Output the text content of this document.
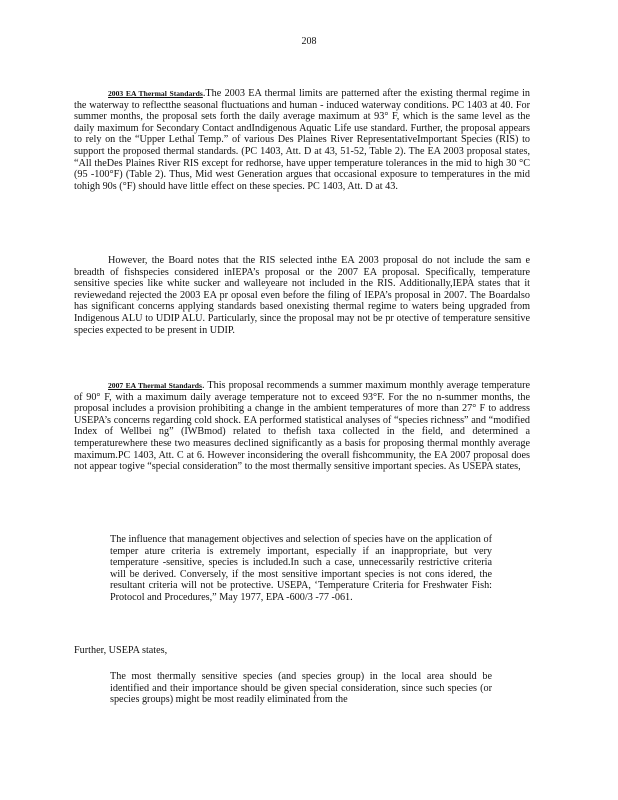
208

2003 EA Thermal Standards.The 2003 EA thermal limits are patterned after the existing thermal regime in the waterway to reflectthe seasonal fluctuations and human - induced waterway conditions. PC 1403 at 40. For summer months, the proposal sets forth the daily average maximum at 93° F, which is the same level as the daily maximum for Secondary Contact andIndigenous Aquatic Life use standard. Further, the proposal appears to rely on the “Upper Lethal Temp.” of various Des Plaines River RepresentativeImportant Species (RIS) to support the proposed thermal standards. (PC 1403, Att. D at 43, 51-52, Table 2). The EA 2003 proposal states, “All theDes Plaines River RIS except for redhorse, have upper temperature tolerances in the mid to high 30 °C (95 -100°F) (Table 2). Thus, Mid west Generation argues that occasional exposure to temperatures in the mid tohigh 90s (°F) should have little effect on these species. PC 1403, Att. D at 43.

However, the Board notes that the RIS selected inthe EA 2003 proposal do not include the sam e breadth of fishspecies considered inIEPA’s proposal or the 2007 EA proposal. Specifically, temperature sensitive species like white sucker and walleyeare not included in the RIS. Additionally,IEPA states that it reviewedand rejected the 2003 EA pr oposal even before the filing of IEPA’s proposal in 2007. The Boardalso has significant concerns applying standards based onexisting thermal regime to waters being upgraded from Indigenous ALU to UDIP ALU. Particularly, since the proposal may not be pr otective of temperature sensitive species expected to be present in UDIP.

2007 EA Thermal Standards. This proposal recommends a summer maximum monthly average temperature of 90° F, with a maximum daily average temperature not to exceed 93°F. For the no n-summer months, the proposal includes a provision prohibiting a change in the ambient temperatures of more than 27° F to address USEPA’s concerns regarding cold shock. EA performed statistical analyses of “species richness” and “modified Index of Wellbei ng” (IWBmod) related to thefish taxa collected in the field, and determined a temperaturewhere these two measures declined significantly as a basis for proposing thermal monthly average maximum.PC 1403, Att. C at 6. However inconsidering the overall fishcommunity, the EA 2007 proposal does not appear togive “special consideration” to the most thermally sensitive important species. As USEPA states,

The influence that management objectives and selection of species have on the application of temper ature criteria is extremely important, especially if an inappropriate, but very temperature -sensitive, species is included.In such a case, unnecessarily restrictive criteria will be derived. Conversely, if the most sensitive important species is not cons idered, the resultant criteria will not be protective. USEPA, ‘Temperature Criteria for Freshwater Fish: Protocol and Procedures,” May 1977, EPA -600/3 -77 -061.

Further, USEPA states,

The most thermally sensitive species (and species group) in the local area should be identified and their importance should be given special consideration, since such species (or species groups) might be most readily eliminated from the
